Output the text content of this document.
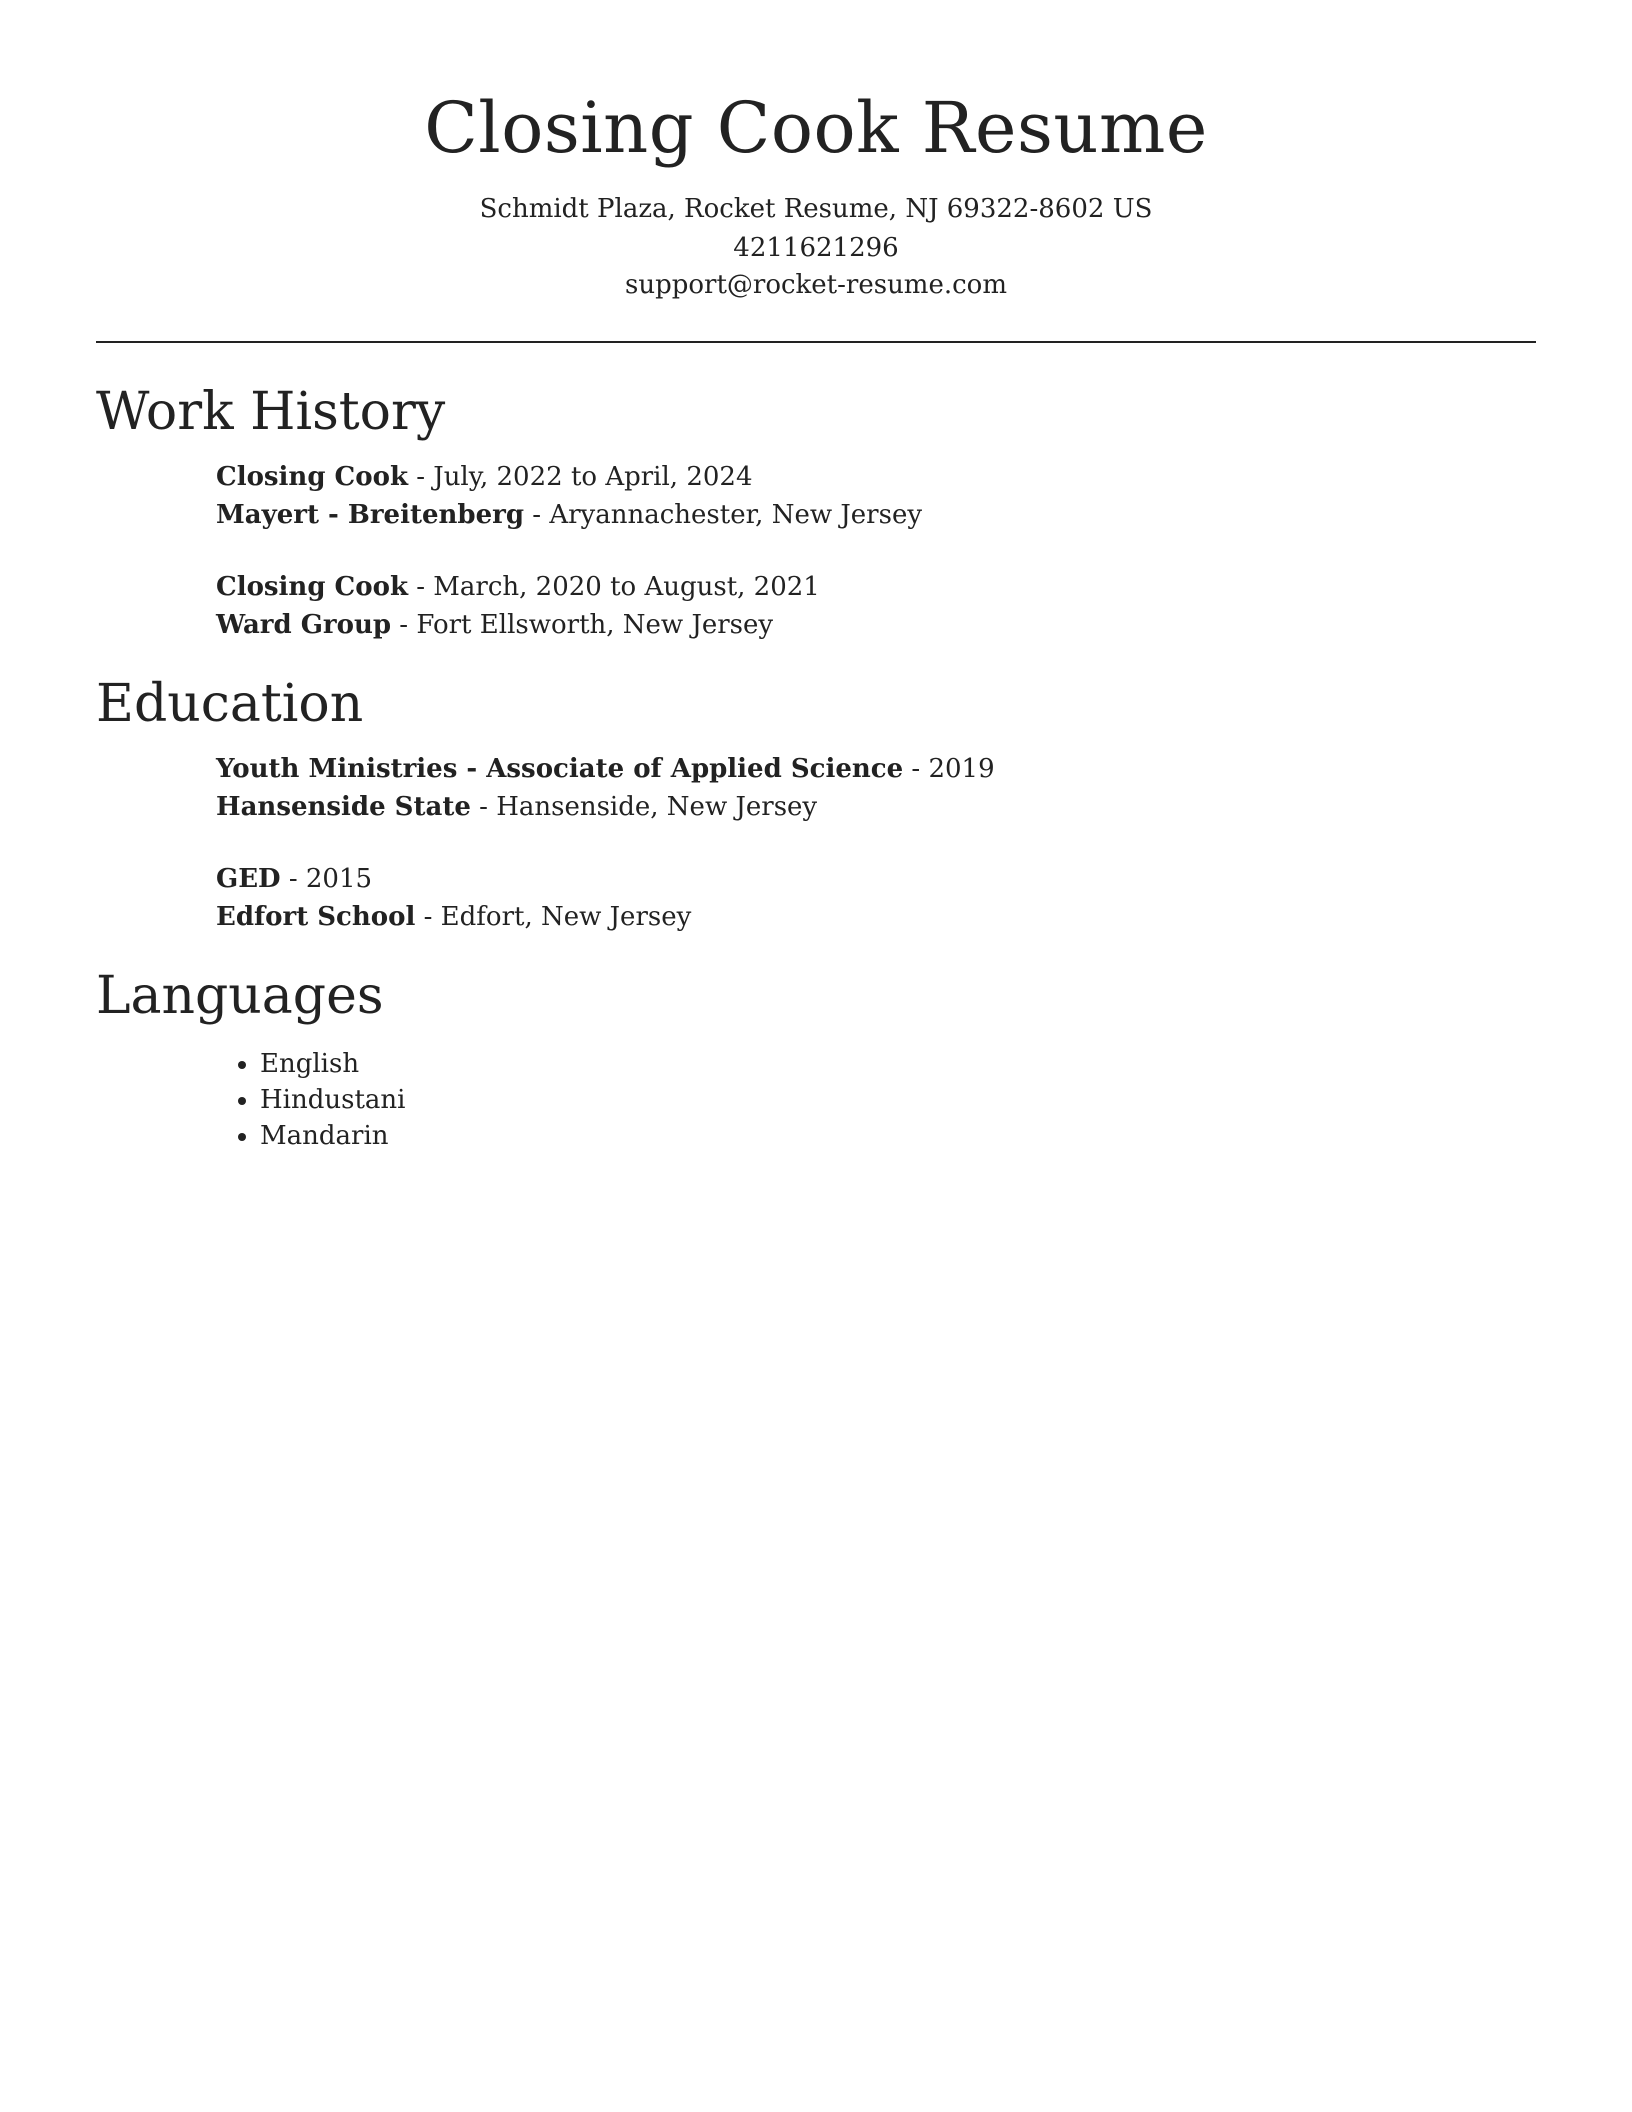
Closing Cook Resume
Schmidt Plaza, Rocket Resume, NJ 69322-8602 US
4211621296
support@rocket-resume.com
Work History
Closing Cook - July, 2022 to April, 2024
Mayert - Breitenberg - Aryannachester, New Jersey
Closing Cook - March, 2020 to August, 2021
Ward Group - Fort Ellsworth, New Jersey
Education
Youth Ministries - Associate of Applied Science - 2019
Hansenside State - Hansenside, New Jersey
GED - 2015
Edfort School - Edfort, New Jersey
Languages
• English
• Hindustani
• Mandarin
